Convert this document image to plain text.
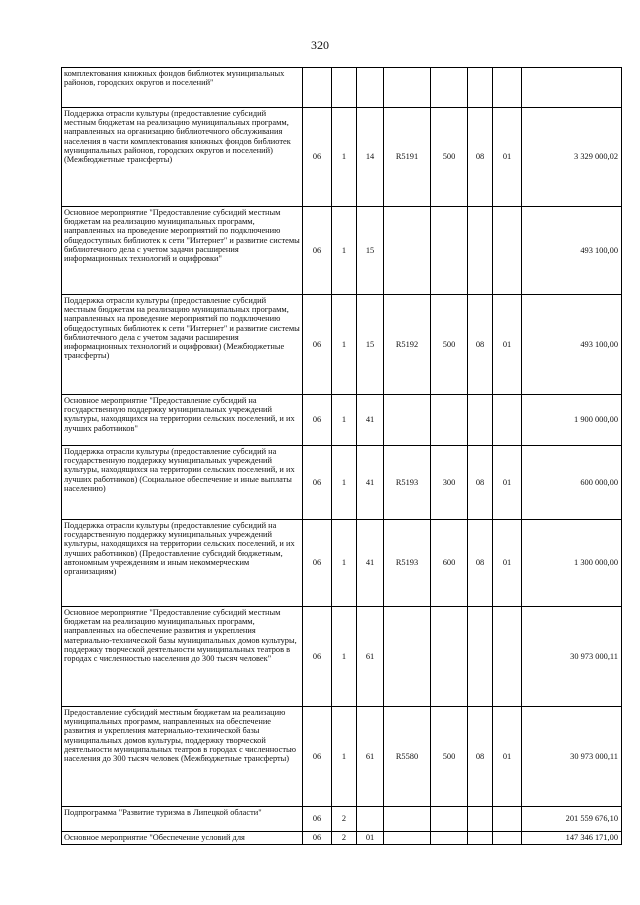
320
комплектования книжных фондов библиотек муниципальных районов, городских округов и поселений"								
Поддержка отрасли культуры (предоставление субсидий местным бюджетам на реализацию муниципальных программ, направленных на организацию библиотечного обслуживания населения в части комплектования книжных фондов библиотек муниципальных районов, городских округов и поселений) (Межбюджетные трансферты)	06	1	14	R5191	500	08	01	3 329 000,02
Основное мероприятие "Предоставление субсидий местным бюджетам на реализацию муниципальных программ, направленных на проведение мероприятий по подключению общедоступных библиотек к сети "Интернет" и развитие системы библиотечного дела с учетом задачи расширения информационных технологий и оцифровки"	06	1	15					493 100,00
Поддержка отрасли культуры (предоставление субсидий местным бюджетам на реализацию муниципальных программ, направленных на проведение мероприятий по подключению общедоступных библиотек к сети "Интернет" и развитие системы библиотечного дела с учетом задачи расширения информационных технологий и оцифровки) (Межбюджетные трансферты)	06	1	15	R5192	500	08	01	493 100,00
Основное мероприятие "Предоставление субсидий на государственную поддержку муниципальных учреждений культуры, находящихся на территории сельских поселений, и их лучших работников"	06	1	41					1 900 000,00
Поддержка отрасли культуры (предоставление субсидий на государственную поддержку муниципальных учреждений культуры, находящихся на территории сельских поселений, и их лучших работников) (Социальное обеспечение и иные выплаты населению)	06	1	41	R5193	300	08	01	600 000,00
Поддержка отрасли культуры (предоставление субсидий на государственную поддержку муниципальных учреждений культуры, находящихся на территории сельских поселений, и их лучших работников) (Предоставление субсидий бюджетным, автономным учреждениям и иным некоммерческим организациям)	06	1	41	R5193	600	08	01	1 300 000,00
Основное мероприятие "Предоставление субсидий местным бюджетам на реализацию муниципальных программ, направленных на обеспечение развития и укрепления материально-технической базы муниципальных домов культуры, поддержку творческой деятельности муниципальных театров в городах с численностью населения до 300 тысяч человек"	06	1	61					30 973 000,11
Предоставление субсидий местным бюджетам на реализацию муниципальных программ, направленных на обеспечение развития и укрепления материально-технической базы муниципальных домов культуры, поддержку творческой деятельности муниципальных театров в городах с численностью населения до 300 тысяч человек (Межбюджетные трансферты)	06	1	61	R5580	500	08	01	30 973 000,11
Подпрограмма "Развитие туризма в Липецкой области"	06	2						201 559 676,10
Основное мероприятие "Обеспечение условий для	06	2	01					147 346 171,00
